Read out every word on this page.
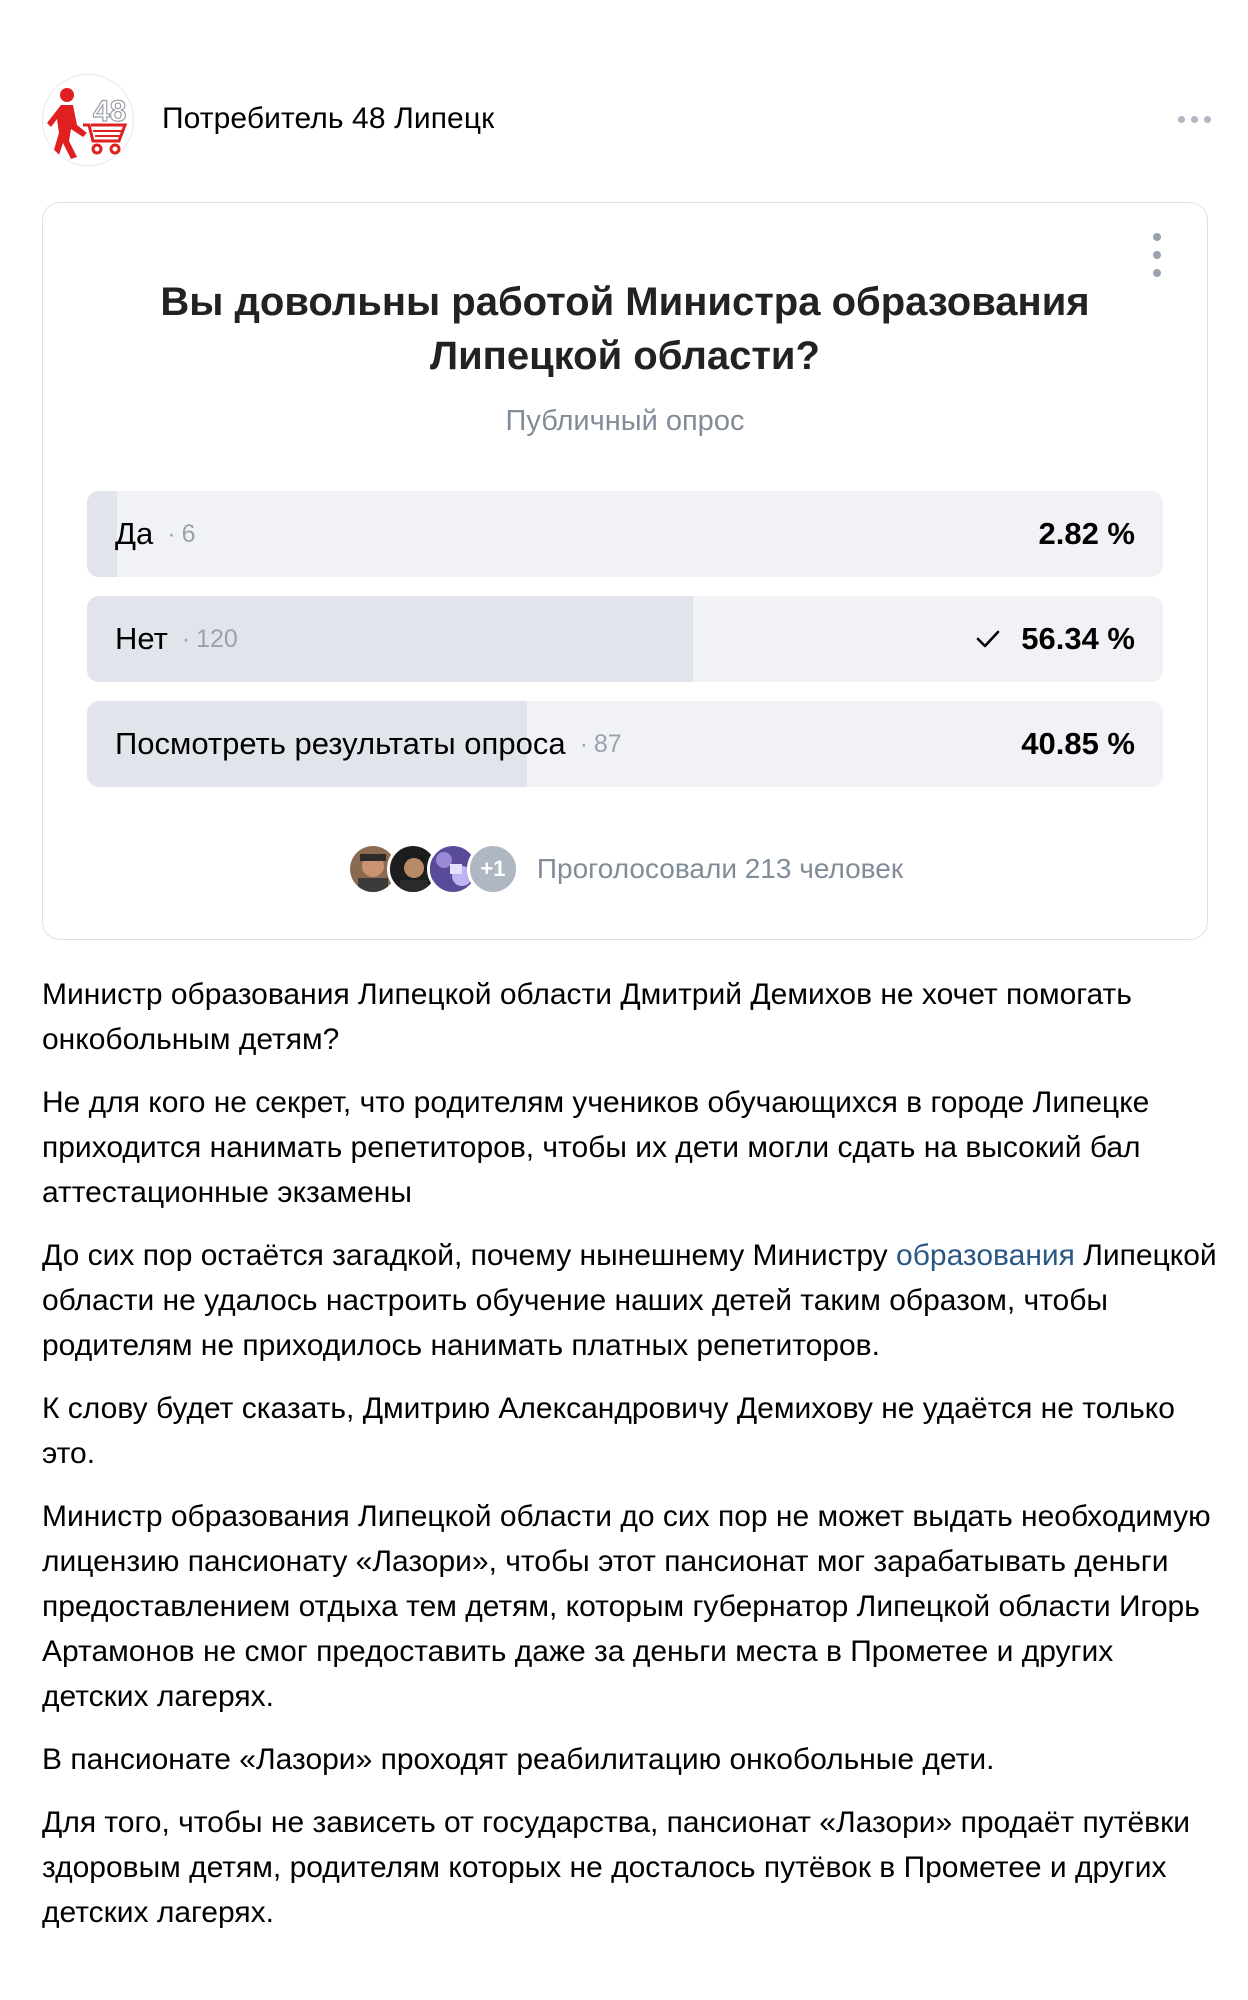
48 Потребитель 48 Липецк
Вы довольны работой Министра образования Липецкой области?
Публичный опрос
Да · 6	2.82 %
Нет · 120	56.34 %
Посмотреть результаты опроса · 87	40.85 %
+1	Проголосовали 213 человек

Министр образования Липецкой области Дмитрий Демихов не хочет помогать онкобольным детям?

Не для кого не секрет, что родителям учеников обучающихся в городе Липецке приходится нанимать репетиторов, чтобы их дети могли сдать на высокий бал аттестационные экзамены

До сих пор остаётся загадкой, почему нынешнему Министру образования Липецкой области не удалось настроить обучение наших детей таким образом, чтобы родителям не приходилось нанимать платных репетиторов.

К слову будет сказать, Дмитрию Александровичу Демихову не удаётся не только это.

Министр образования Липецкой области до сих пор не может выдать необходимую лицензию пансионату «Лазори», чтобы этот пансионат мог зарабатывать деньги предоставлением отдыха тем детям, которым губернатор Липецкой области Игорь Артамонов не смог предоставить даже за деньги места в Прометее и других детских лагерях.

В пансионате «Лазори» проходят реабилитацию онкобольные дети.

Для того, чтобы не зависеть от государства, пансионат «Лазори» продаёт путёвки здоровым детям, родителям которых не досталось путёвок в Прометее и других детских лагерях.
